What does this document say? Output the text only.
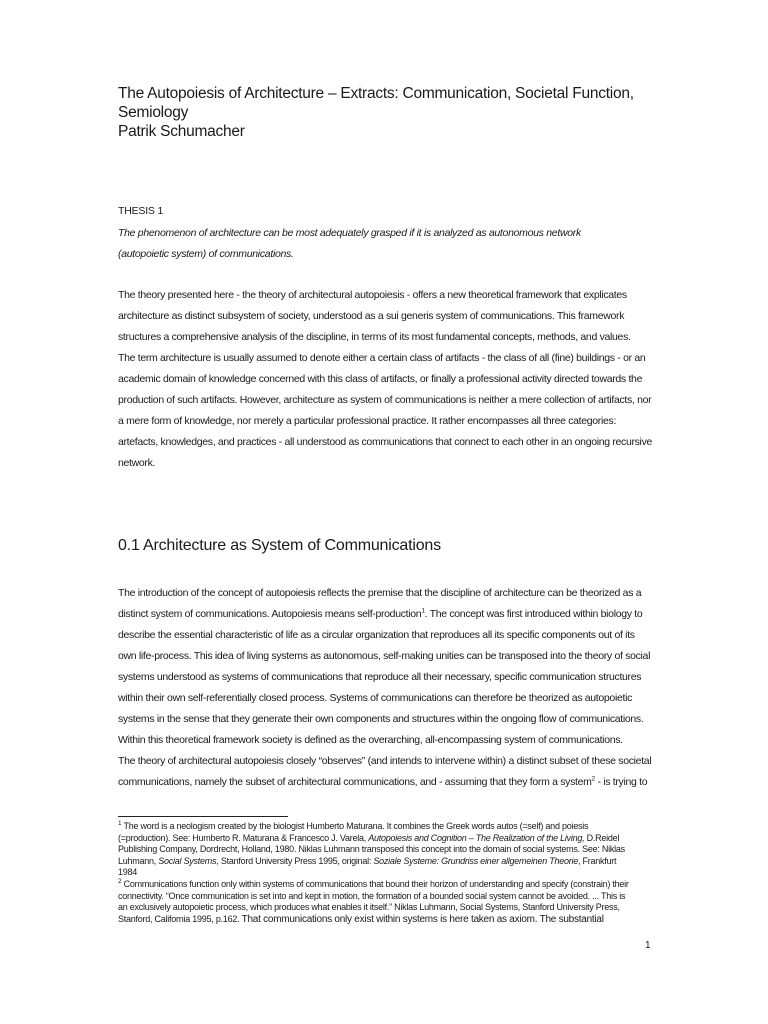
The Autopoiesis of Architecture – Extracts: Communication, Societal Function,
Semiology
Patrik Schumacher
THESIS 1
The phenomenon of architecture can be most adequately grasped if it is analyzed as autonomous network
(autopoietic system) of communications.
The theory presented here - the theory of architectural autopoiesis - offers a new theoretical framework that explicates
architecture as distinct subsystem of society, understood as a sui generis system of communications. This framework
structures a comprehensive analysis of the discipline, in terms of its most fundamental concepts, methods, and values.
The term architecture is usually assumed to denote either a certain class of artifacts - the class of all (fine) buildings - or an
academic domain of knowledge concerned with this class of artifacts, or finally a professional activity directed towards the
production of such artifacts. However, architecture as system of communications is neither a mere collection of artifacts, nor
a mere form of knowledge, nor merely a particular professional practice. It rather encompasses all three categories:
artefacts, knowledges, and practices - all understood as communications that connect to each other in an ongoing recursive
network.
0.1 Architecture as System of Communications
The introduction of the concept of autopoiesis reflects the premise that the discipline of architecture can be theorized as a
distinct system of communications. Autopoiesis means self-production$^1$. The concept was first introduced within biology to
describe the essential characteristic of life as a circular organization that reproduces all its specific components out of its
own life-process. This idea of living systems as autonomous, self-making unities can be transposed into the theory of social
systems understood as systems of communications that reproduce all their necessary, specific communication structures
within their own self-referentially closed process. Systems of communications can therefore be theorized as autopoietic
systems in the sense that they generate their own components and structures within the ongoing flow of communications.
Within this theoretical framework society is defined as the overarching, all-encompassing system of communications.
The theory of architectural autopoiesis closely “observes” (and intends to intervene within) a distinct subset of these societal
communications, namely the subset of architectural communications, and - assuming that they form a system$^2$ - is trying to
$^1$ The word is a neologism created by the biologist Humberto Maturana. It combines the Greek words autos (=self) and poiesis
(=production). See: Humberto R. Maturana & Francesco J. Varela, Autopoiesis and Cognition – The Realization of the Living, D.Reidel
Publishing Company, Dordrecht, Holland, 1980. Niklas Luhmann transposed this concept into the domain of social systems. See: Niklas
Luhmann, Social Systems, Stanford University Press 1995, original: Soziale Systeme: Grundriss einer allgemeinen Theorie, Frankfurt
1984
$^2$ Communications function only within systems of communications that bound their horizon of understanding and specify (constrain) their
connectivity. “Once communication is set into and kept in motion, the formation of a bounded social system cannot be avoided. ... This is
an exclusively autopoietic process, which produces what enables it itself.” Niklas Luhmann, Social Systems, Stanford University Press,
Stanford, California 1995, p.162. That communications only exist within systems is here taken as axiom. The substantial
1
